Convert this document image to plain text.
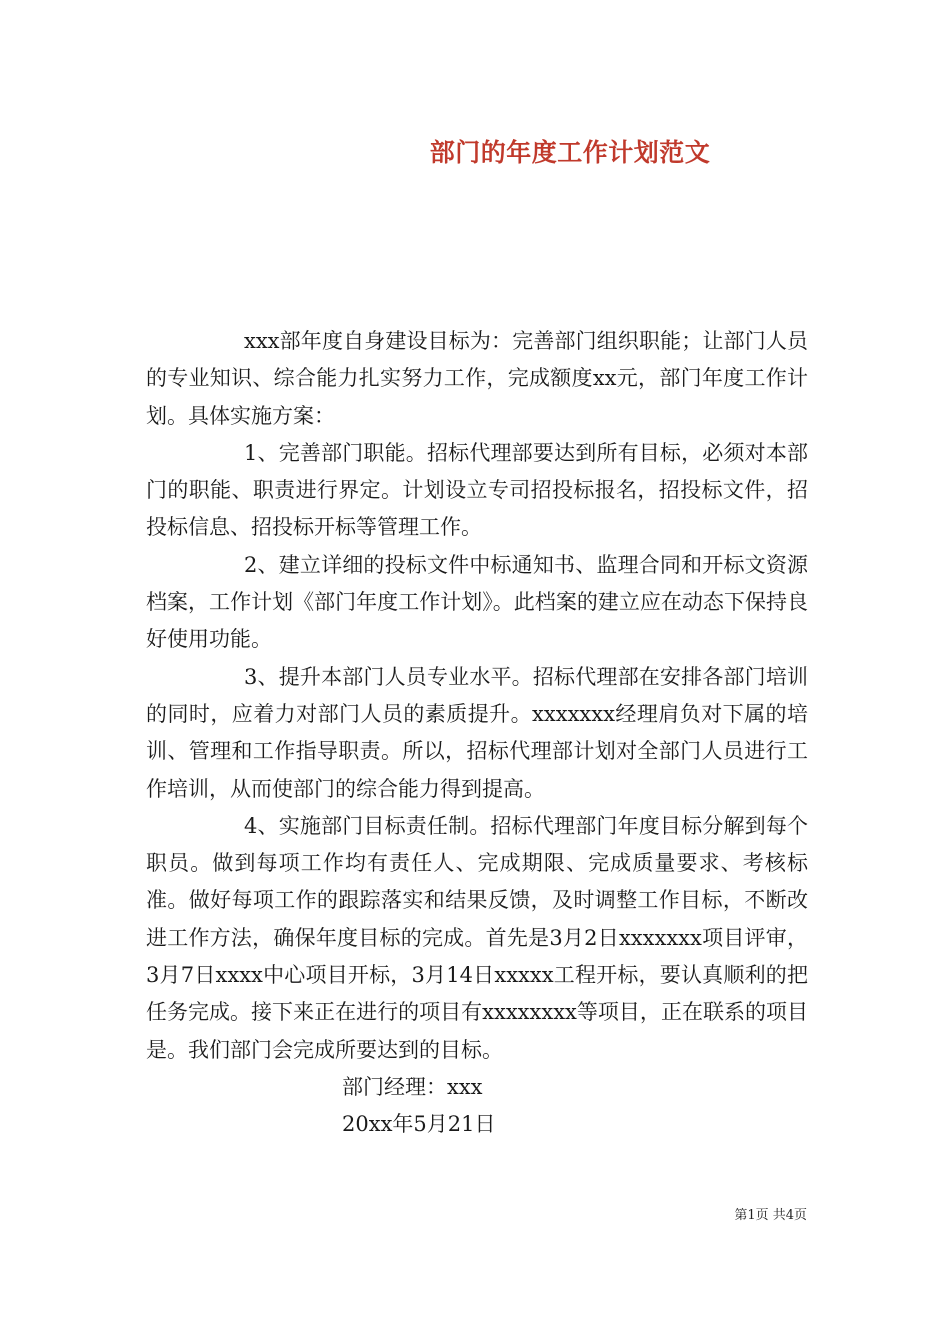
部门的年度工作计划范文

xxx部年度自身建设目标为：完善部门组织职能；让部门人员的专业知识、综合能力扎实努力工作，完成额度xx元，部门年度工作计划。具体实施方案：

1、完善部门职能。招标代理部要达到所有目标，必须对本部门的职能、职责进行界定。计划设立专司招投标报名，招投标文件，招投标信息、招投标开标等管理工作。

2、建立详细的投标文件中标通知书、监理合同和开标文资源档案，工作计划《部门年度工作计划》。此档案的建立应在动态下保持良好使用功能。

3、提升本部门人员专业水平。招标代理部在安排各部门培训的同时，应着力对部门人员的素质提升。xxxxxxx经理肩负对下属的培训、管理和工作指导职责。所以，招标代理部计划对全部门人员进行工作培训，从而使部门的综合能力得到提高。

4、实施部门目标责任制。招标代理部门年度目标分解到每个职员。做到每项工作均有责任人、完成期限、完成质量要求、考核标准。做好每项工作的跟踪落实和结果反馈，及时调整工作目标，不断改进工作方法，确保年度目标的完成。首先是3月2日xxxxxxx项目评审，3月7日xxxx中心项目开标，3月14日xxxxx工程开标，要认真顺利的把任务完成。接下来正在进行的项目有xxxxxxxx等项目，正在联系的项目是。我们部门会完成所要达到的目标。

部门经理：xxx

20xx年5月21日

第1页 共4页
